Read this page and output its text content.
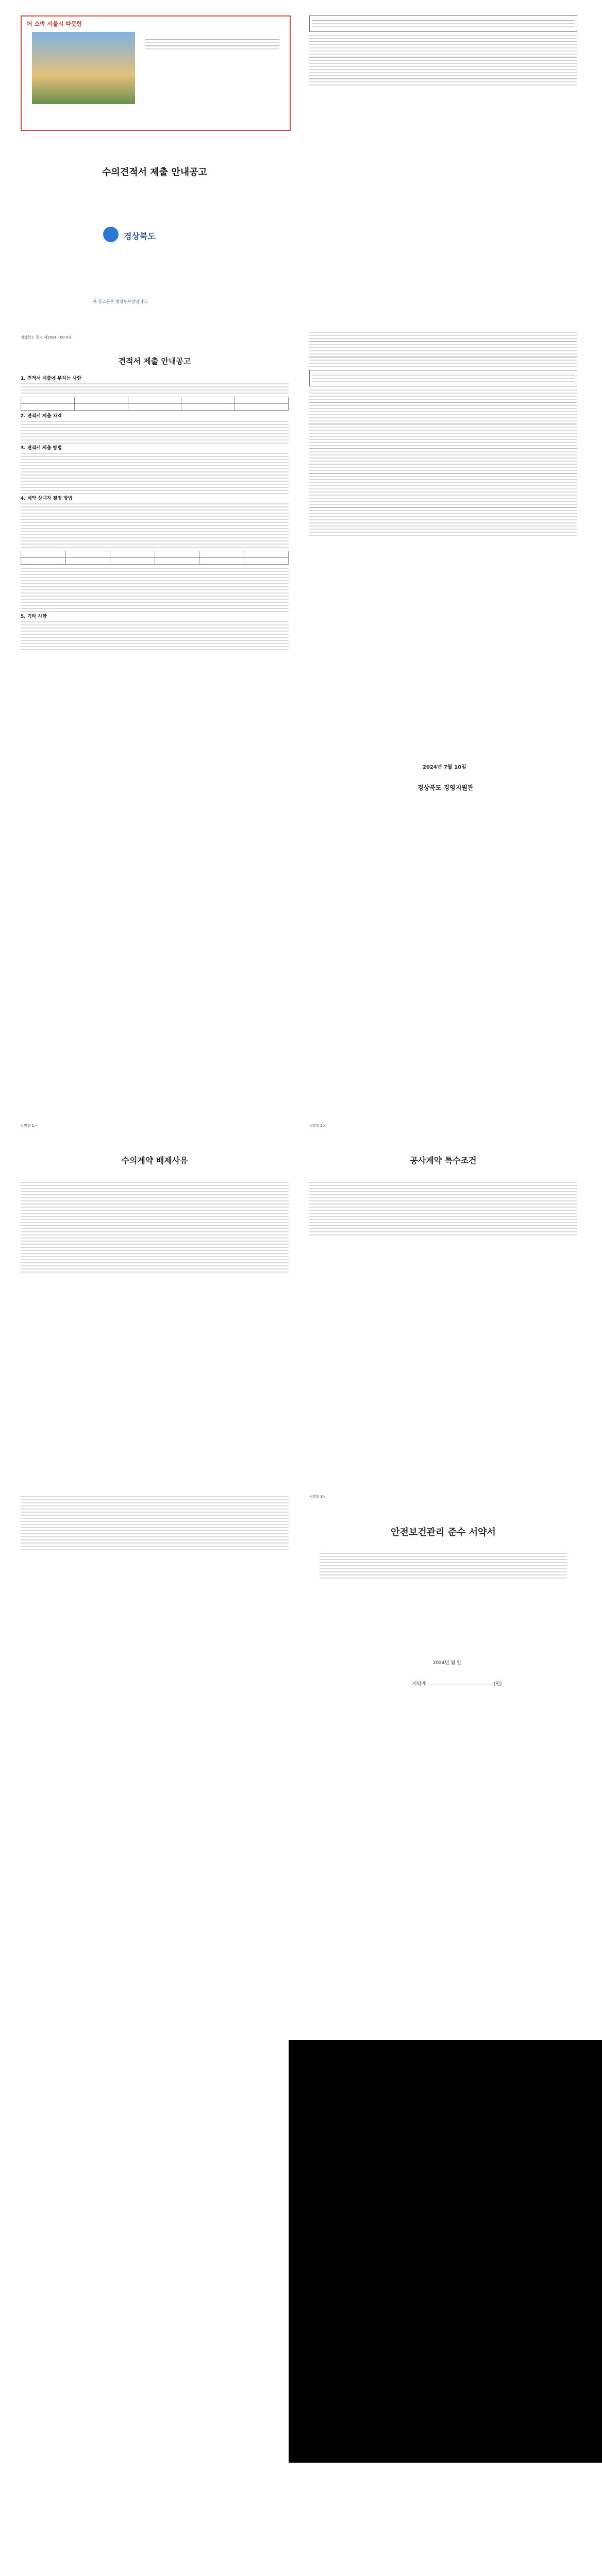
더 소박 서울시 따뜻함
수의견적서 제출 안내공고
경상북도
본 공고문은 행정부부장입니다.
경상북도 공고 제2024 - 00-5호
견적서 제출 안내공고
1. 견적서 제출에 부치는 사항

2. 견적서 제출 자격
3. 견적서 제출 방법
4. 계약 상대자 결정 방법

5. 기타 사항
2024년 7월 10일
경상북도 경영지원관
<별첨 1>
수의계약 배제사유
<별첨 2>
공사계약 특수조건
<별첨 3>
안전보건관리 준수 서약서
2024년 월 일
서약자 :	(인)
